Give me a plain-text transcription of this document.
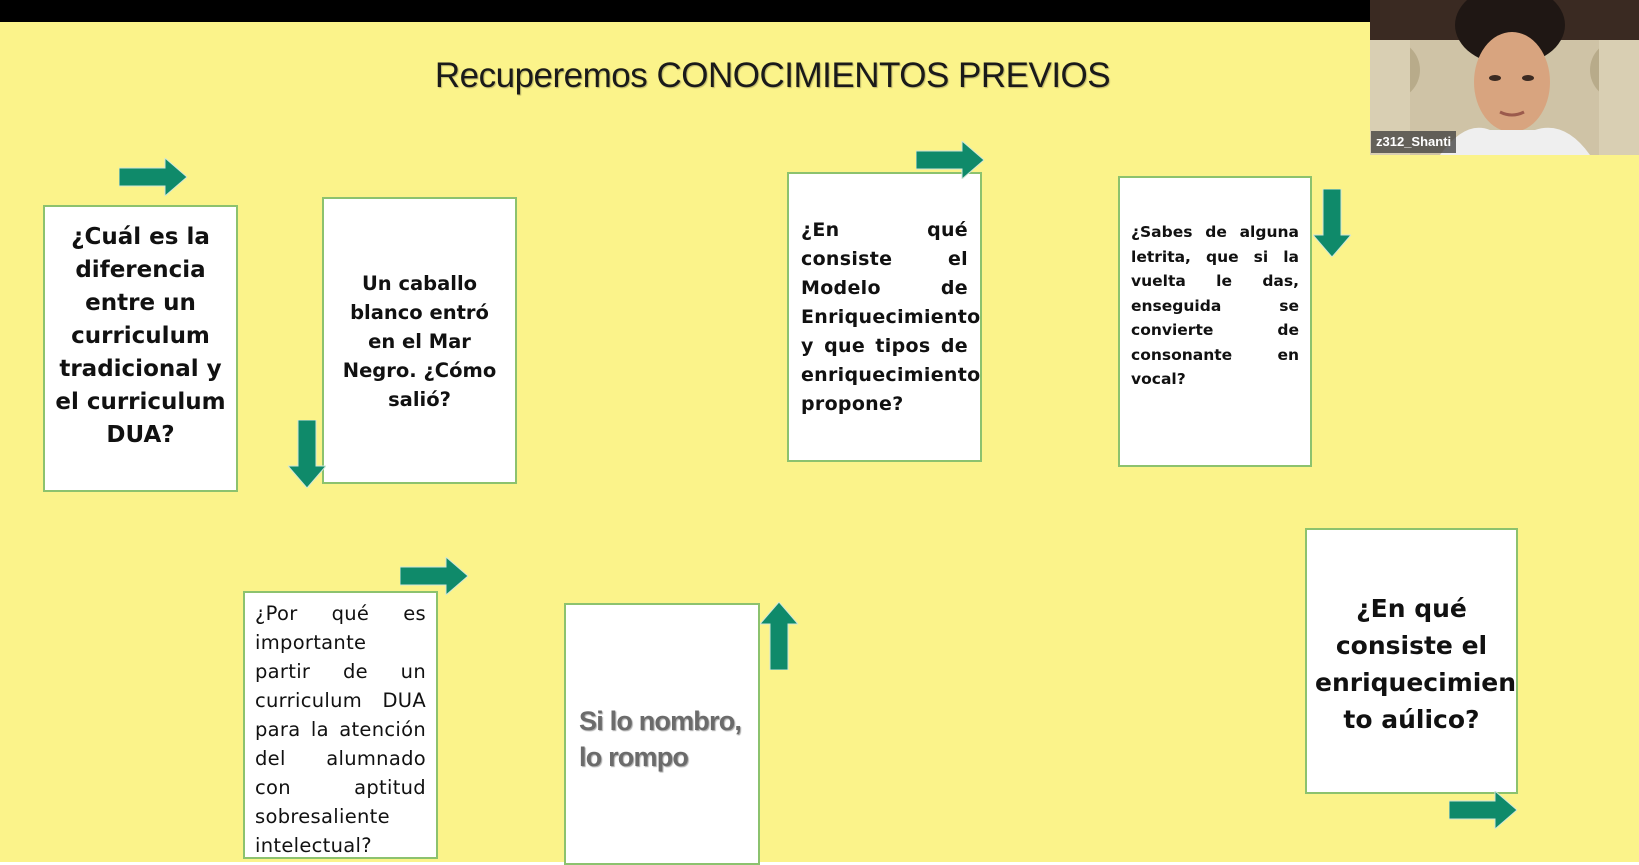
Recuperemos CONOCIMIENTOS PREVIOS
¿Cuál es la diferencia entre un curriculum tradicional y el curriculum DUA?
Un caballo blanco entró en el Mar Negro. ¿Cómo salió?
¿En qué consiste el Modelo de Enriquecimiento y que tipos de enriquecimiento propone?
¿Sabes de alguna letrita, que si la vuelta le das, enseguida se convierte de consonante en vocal?
¿Por qué es importante partir de un curriculum DUA para la atención del alumnado con aptitud sobresaliente intelectual?
Si lo nombro, lo rompo
¿En qué consiste el enriquecimien to aúlico?
z312_Shanti
